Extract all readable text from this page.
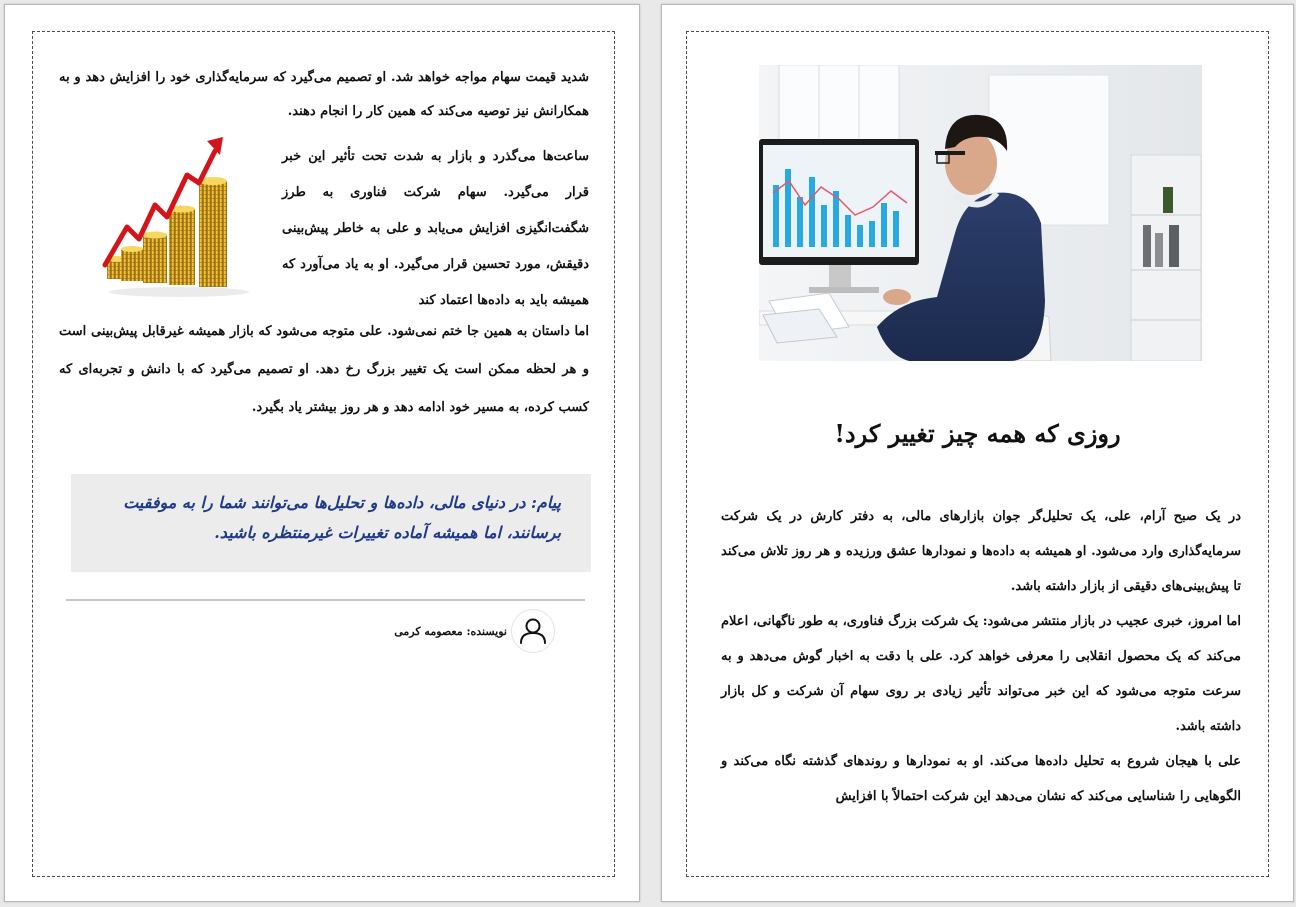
شدید قیمت سهام مواجه خواهد شد. او تصمیم می‌گیرد که سرمایه‌گذاری خود را افزایش دهد و به همکارانش نیز توصیه می‌کند که همین کار را انجام دهند.

ساعت‌ها می‌گذرد و بازار به شدت تحت تأثیر این خبر قرار می‌گیرد. سهام شرکت فناوری به طرز شگفت‌انگیزی افزایش می‌یابد و علی به خاطر پیش‌بینی دقیقش، مورد تحسین قرار می‌گیرد. او به یاد می‌آورد که همیشه باید به داده‌ها اعتماد کند

اما داستان به همین جا ختم نمی‌شود. علی متوجه می‌شود که بازار همیشه غیرقابل پیش‌بینی است و هر لحظه ممکن است یک تغییر بزرگ رخ دهد. او تصمیم می‌گیرد که با دانش و تجربه‌ای که کسب کرده، به مسیر خود ادامه دهد و هر روز بیشتر یاد بگیرد.

پیام: در دنیای مالی، داده‌ها و تحلیل‌ها می‌توانند شما را به موفقیت برسانند، اما همیشه آماده تغییرات غیرمنتظره باشید.

نویسنده: معصومه کرمی
روزی که همه چیز تغییر کرد!

در یک صبح آرام، علی، یک تحلیل‌گر جوان بازارهای مالی، به دفتر کارش در یک شرکت سرمایه‌گذاری وارد می‌شود. او همیشه به داده‌ها و نمودارها عشق ورزیده و هر روز تلاش می‌کند تا پیش‌بینی‌های دقیقی از بازار داشته باشد.

اما امروز، خبری عجیب در بازار منتشر می‌شود: یک شرکت بزرگ فناوری، به طور ناگهانی، اعلام می‌کند که یک محصول انقلابی را معرفی خواهد کرد. علی با دقت به اخبار گوش می‌دهد و به سرعت متوجه می‌شود که این خبر می‌تواند تأثیر زیادی بر روی سهام آن شرکت و کل بازار داشته باشد.

علی با هیجان شروع به تحلیل داده‌ها می‌کند. او به نمودارها و روندهای گذشته نگاه می‌کند و الگوهایی را شناسایی می‌کند که نشان می‌دهد این شرکت احتمالاً با افزایش
